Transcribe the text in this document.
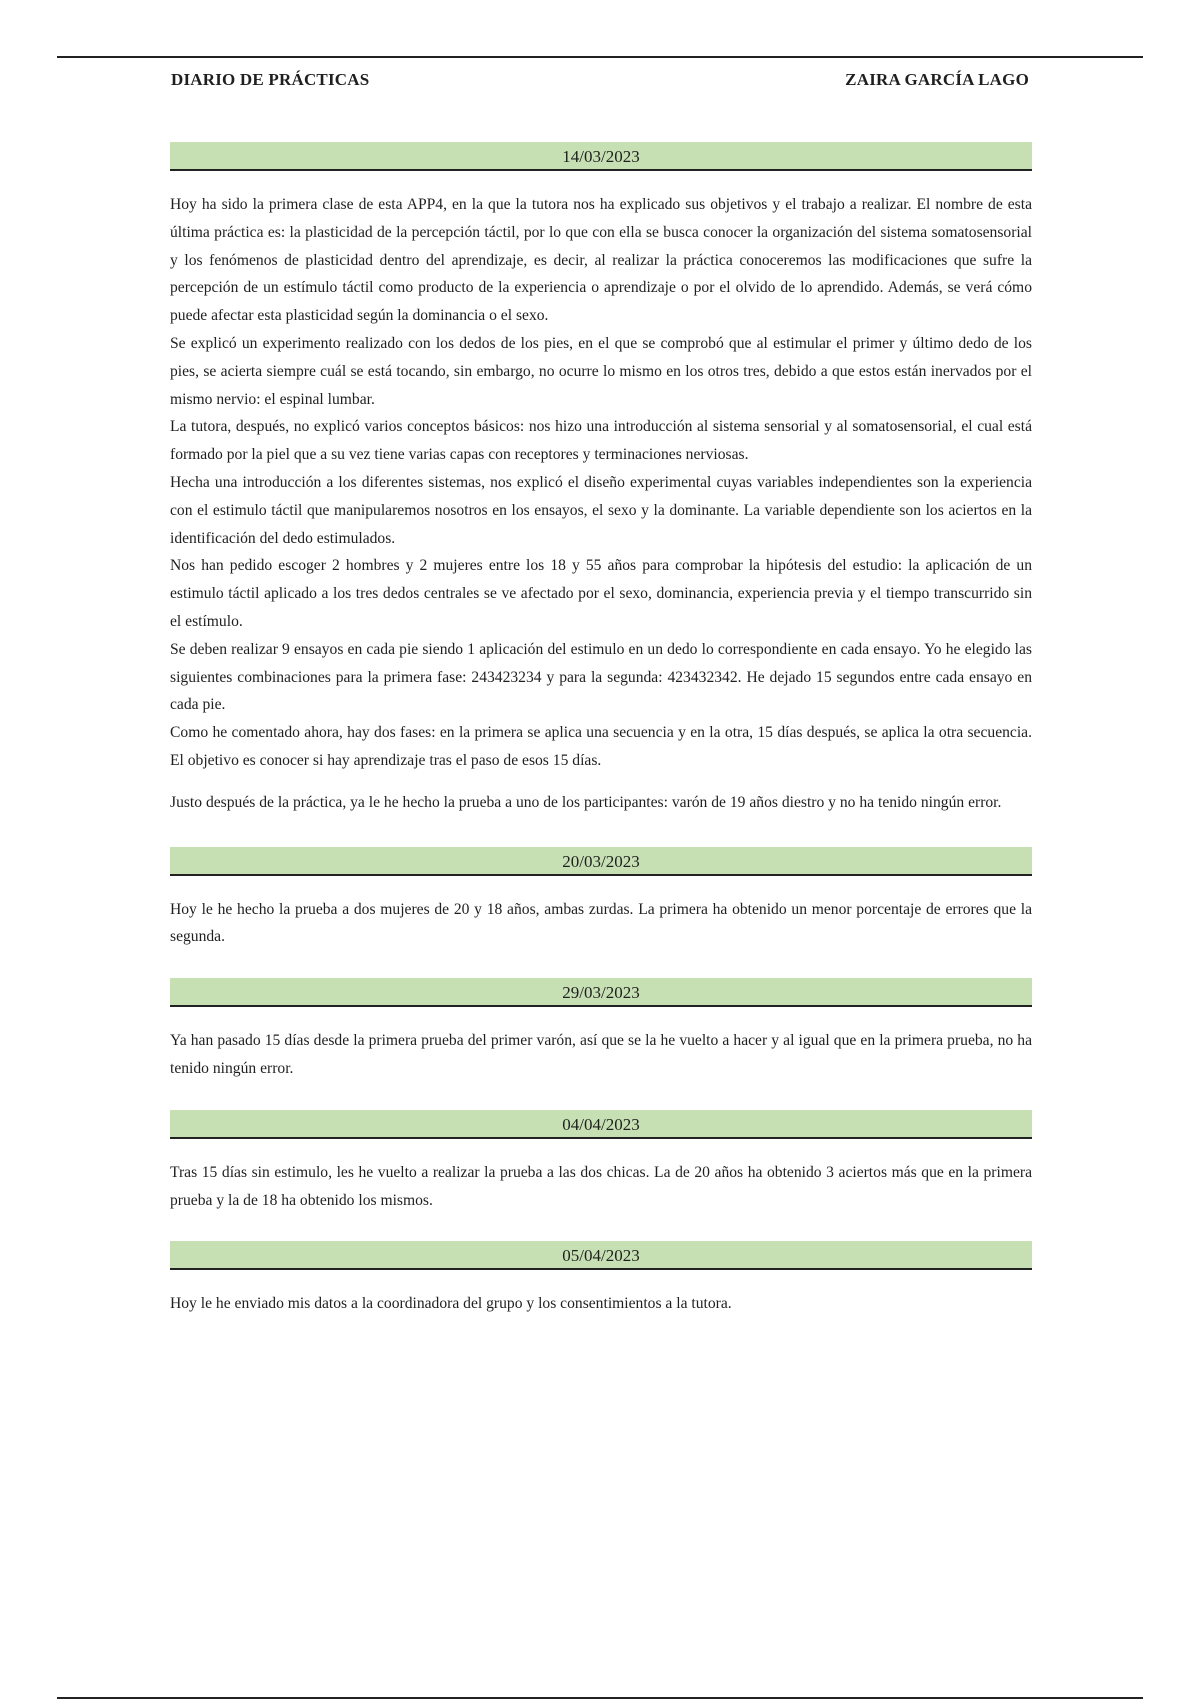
DIARIO DE PRÁCTICAS	ZAIRA GARCÍA LAGO
14/03/2023

Hoy ha sido la primera clase de esta APP4, en la que la tutora nos ha explicado sus objetivos y el trabajo a realizar. El nombre de esta última práctica es: la plasticidad de la percepción táctil, por lo que con ella se busca conocer la organización del sistema somatosensorial y los fenómenos de plasticidad dentro del aprendizaje, es decir, al realizar la práctica conoceremos las modificaciones que sufre la percepción de un estímulo táctil como producto de la experiencia o aprendizaje o por el olvido de lo aprendido. Además, se verá cómo puede afectar esta plasticidad según la dominancia o el sexo.

Se explicó un experimento realizado con los dedos de los pies, en el que se comprobó que al estimular el primer y último dedo de los pies, se acierta siempre cuál se está tocando, sin embargo, no ocurre lo mismo en los otros tres, debido a que estos están inervados por el mismo nervio: el espinal lumbar.

La tutora, después, no explicó varios conceptos básicos: nos hizo una introducción al sistema sensorial y al somatosensorial, el cual está formado por la piel que a su vez tiene varias capas con receptores y terminaciones nerviosas.

Hecha una introducción a los diferentes sistemas, nos explicó el diseño experimental cuyas variables independientes son la experiencia con el estimulo táctil que manipularemos nosotros en los ensayos, el sexo y la dominante. La variable dependiente son los aciertos en la identificación del dedo estimulados.

Nos han pedido escoger 2 hombres y 2 mujeres entre los 18 y 55 años para comprobar la hipótesis del estudio: la aplicación de un estimulo táctil aplicado a los tres dedos centrales se ve afectado por el sexo, dominancia, experiencia previa y el tiempo transcurrido sin el estímulo.

Se deben realizar 9 ensayos en cada pie siendo 1 aplicación del estimulo en un dedo lo correspondiente en cada ensayo. Yo he elegido las siguientes combinaciones para la primera fase: 243423234 y para la segunda: 423432342. He dejado 15 segundos entre cada ensayo en cada pie.

Como he comentado ahora, hay dos fases: en la primera se aplica una secuencia y en la otra, 15 días después, se aplica la otra secuencia. El objetivo es conocer si hay aprendizaje tras el paso de esos 15 días.

Justo después de la práctica, ya le he hecho la prueba a uno de los participantes: varón de 19 años diestro y no ha tenido ningún error.

20/03/2023

Hoy le he hecho la prueba a dos mujeres de 20 y 18 años, ambas zurdas. La primera ha obtenido un menor porcentaje de errores que la segunda.

29/03/2023

Ya han pasado 15 días desde la primera prueba del primer varón, así que se la he vuelto a hacer y al igual que en la primera prueba, no ha tenido ningún error.

04/04/2023

Tras 15 días sin estimulo, les he vuelto a realizar la prueba a las dos chicas. La de 20 años ha obtenido 3 aciertos más que en la primera prueba y la de 18 ha obtenido los mismos.

05/04/2023

Hoy le he enviado mis datos a la coordinadora del grupo y los consentimientos a la tutora.
